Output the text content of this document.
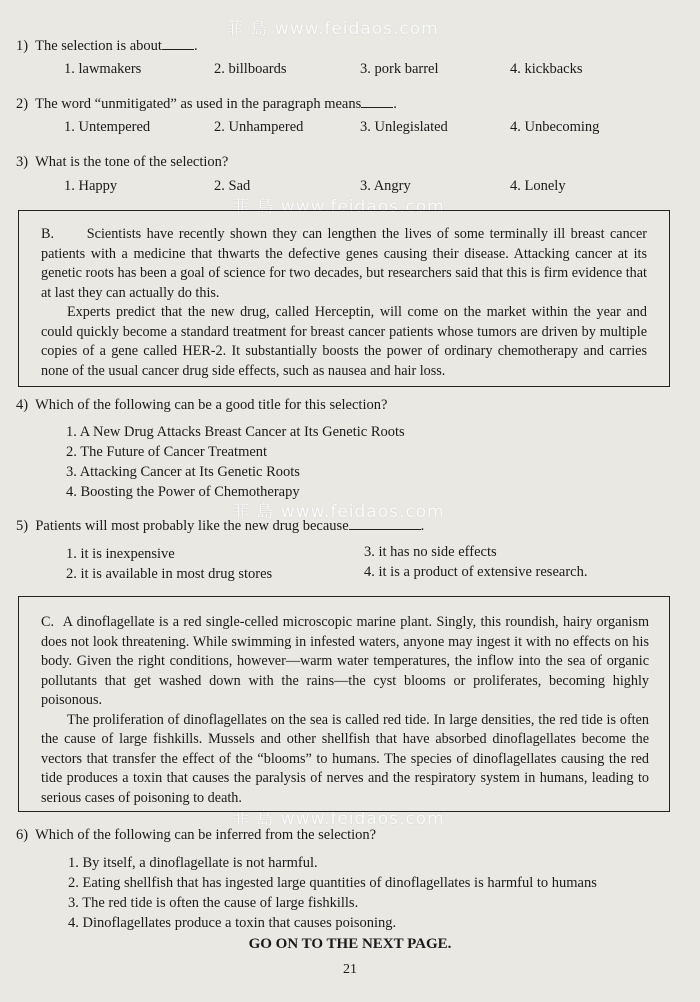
菲 島 www.feidaos.com
菲 島 www.feidaos.com
菲 島 www.feidaos.com
菲 島 www.feidaos.com
1) The selection is about .
1. lawmakers	2. billboards	3. pork barrel	4. kickbacks
2) The word “unmitigated” as used in the paragraph means .
1. Untempered	2. Unhampered	3. Unlegislated	4. Unbecoming
3) What is the tone of the selection?
1. Happy	2. Sad	3. Angry	4. Lonely

B. Scientists have recently shown they can lengthen the lives of some terminally ill breast cancer patients with a medicine that thwarts the defective genes causing their disease. Attacking cancer at its genetic roots has been a goal of science for two decades, but researchers said that this is firm evidence that at last they can actually do this.

Experts predict that the new drug, called Herceptin, will come on the market within the year and could quickly become a standard treatment for breast cancer patients whose tumors are driven by multiple copies of a gene called HER-2. It substantially boosts the power of ordinary chemotherapy and carries none of the usual cancer drug side effects, such as nausea and hair loss.

4) Which of the following can be a good title for this selection?
1. A New Drug Attacks Breast Cancer at Its Genetic Roots
2. The Future of Cancer Treatment
3. Attacking Cancer at Its Genetic Roots
4. Boosting the Power of Chemotherapy
5) Patients will most probably like the new drug because	.
1. it is inexpensive
2. it is available in most drug stores
3. it has no side effects
4. it is a product of extensive research.

C. A dinoflagellate is a red single-celled microscopic marine plant. Singly, this roundish, hairy organism does not look threatening. While swimming in infested waters, anyone may ingest it with no effects on his body. Given the right conditions, however—warm water temperatures, the inflow into the sea of organic pollutants that get washed down with the rains—the cyst blooms or proliferates, becoming highly poisonous.

The proliferation of dinoflagellates on the sea is called red tide. In large densities, the red tide is often the cause of large fishkills. Mussels and other shellfish that have absorbed dinoflagellates become the vectors that transfer the effect of the “blooms” to humans. The species of dinoflagellates causing the red tide produces a toxin that causes the paralysis of nerves and the respiratory system in humans, leading to serious cases of poisoning to death.

6) Which of the following can be inferred from the selection?
1. By itself, a dinoflagellate is not harmful.
2. Eating shellfish that has ingested large quantities of dinoflagellates is harmful to humans
3. The red tide is often the cause of large fishkills.
4. Dinoflagellates produce a toxin that causes poisoning.
GO ON TO THE NEXT PAGE.
21
